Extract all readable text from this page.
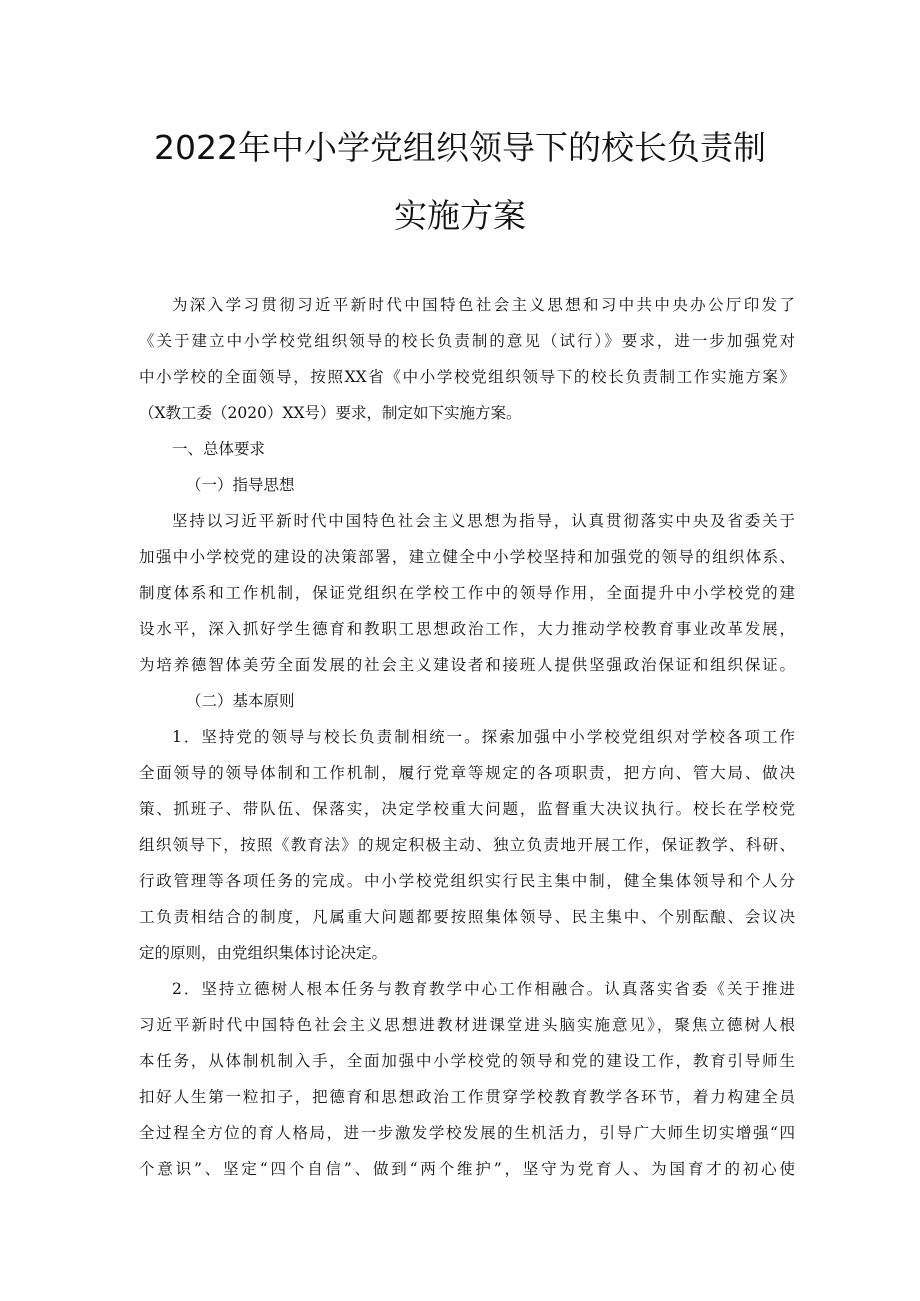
2022年中小学党组织领导下的校长负责制
实施方案
为深入学习贯彻习近平新时代中国特色社会主义思想和习中共中央办公厅印发了
《关于建立中小学校党组织领导的校长负责制的意见（试行）》要求，进一步加强党对
中小学校的全面领导，按照XX省《中小学校党组织领导下的校长负责制工作实施方案》
（X教工委（2020）XX号）要求，制定如下实施方案。
一、总体要求
（一）指导思想
坚持以习近平新时代中国特色社会主义思想为指导，认真贯彻落实中央及省委关于
加强中小学校党的建设的决策部署，建立健全中小学校坚持和加强党的领导的组织体系、
制度体系和工作机制，保证党组织在学校工作中的领导作用，全面提升中小学校党的建
设水平，深入抓好学生德育和教职工思想政治工作，大力推动学校教育事业改革发展，
为培养德智体美劳全面发展的社会主义建设者和接班人提供坚强政治保证和组织保证。
（二）基本原则
1．坚持党的领导与校长负责制相统一。探索加强中小学校党组织对学校各项工作
全面领导的领导体制和工作机制，履行党章等规定的各项职责，把方向、管大局、做决
策、抓班子、带队伍、保落实，决定学校重大问题，监督重大决议执行。校长在学校党
组织领导下，按照《教育法》的规定积极主动、独立负责地开展工作，保证教学、科研、
行政管理等各项任务的完成。中小学校党组织实行民主集中制，健全集体领导和个人分
工负责相结合的制度，凡属重大问题都要按照集体领导、民主集中、个别酝酿、会议决
定的原则，由党组织集体讨论决定。
2．坚持立德树人根本任务与教育教学中心工作相融合。认真落实省委《关于推进
习近平新时代中国特色社会主义思想进教材进课堂进头脑实施意见》，聚焦立德树人根
本任务，从体制机制入手，全面加强中小学校党的领导和党的建设工作，教育引导师生
扣好人生第一粒扣子，把德育和思想政治工作贯穿学校教育教学各环节，着力构建全员
全过程全方位的育人格局，进一步激发学校发展的生机活力，引导广大师生切实增强“四
个意识”、坚定“四个自信”、做到“两个维护”，坚守为党育人、为国育才的初心使
